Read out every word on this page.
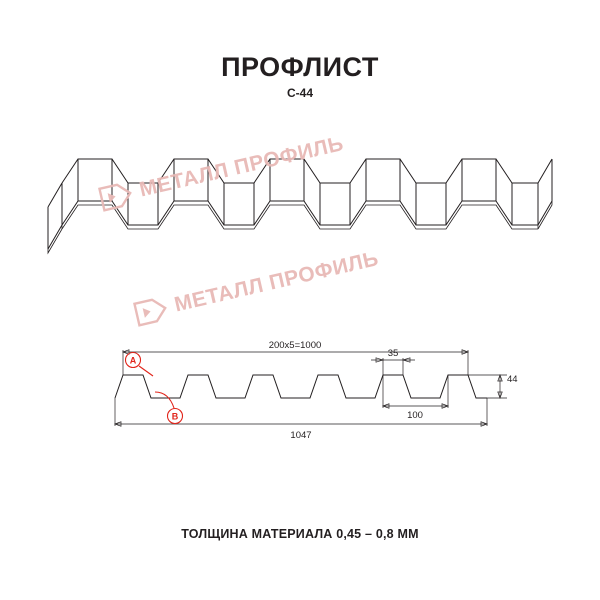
ПРОФЛИСТ
С-44
МЕТАЛЛ ПРОФИЛЬ
МЕТАЛЛ ПРОФИЛЬ
200х5=1000
35
100
1047
44
A
B
ТОЛЩИНА МАТЕРИАЛА 0,45 – 0,8 ММ
